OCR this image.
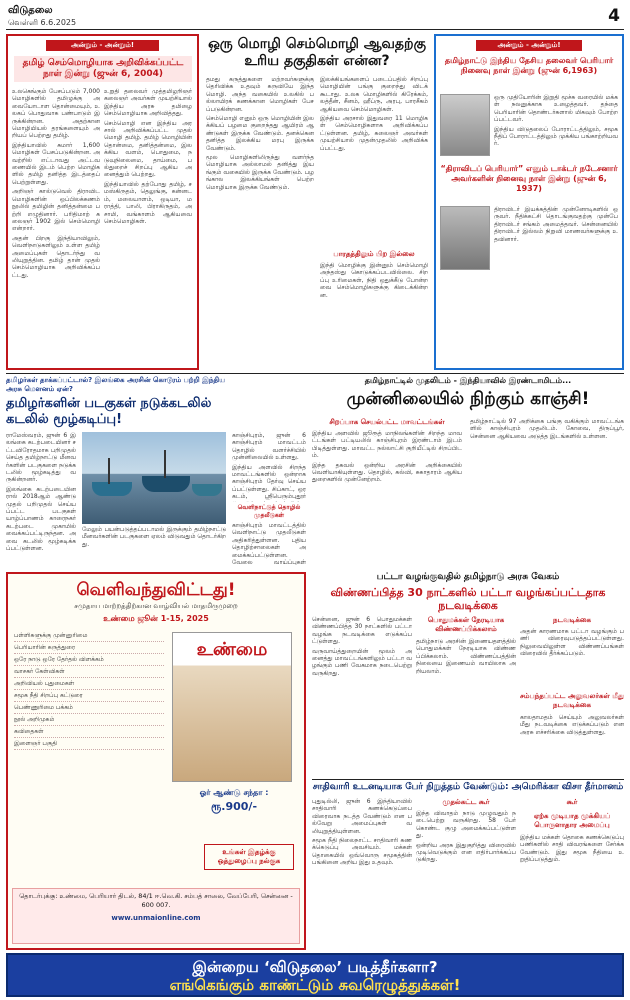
விடுதலை
வெள்ளி 6.6.2025	4
அன்றும் - அன்றும்!
தமிழ் செம்மொழியாக அறிவிக்கப்பட்ட நாள் இன்று (ஜுன் 6, 2004)

உலகெங்கும் பேசப்படும் 7,000 மொழிகளில் தமிழுக்கு அவையோடாள தொன்மையும், உலகப் பொதுவாக பண்பாடும் இருக்கின்றன. அதற்கான மொழியியல் தரங்களையும் அறியப் பெற்றது தமிழ்.

இந்தியாவில் சுமார் 1,600 மொழிகள் பேசப்படுகின்றன. அவற்றில் எட்டாவது அட்டவணையில் இடம் பெற்ற மொழிகளில் தமிழ் தனித்த இடத்தைப் பெற்றுள்ளது.

அறிஞர் கால்டுவெல் திராவிட மொழிகளின் ஒப்பிலக்கணம் நூலில் தமிழின் தனித்தன்மை பற்றி எழுதினார். பரிதிமாற் கலைஞர் 1902 இல் செம்மொழி என்றார்.

அதன் பிறகு இந்தியாவிலும், வெளிநாடுகளிலும் உள்ள தமிழ் அமைப்புகள் தொடர்ந்து வலியுறுத்தின. தமிழ் தான் முதல் செம்மொழியாக அறிவிக்கப்பட்டது.

உறுதி தலைவர் முத்தமிழறிஞர் கலைஞர் அவர்கள் முயற்சியால் இந்திய அரசு தமிழை செம்மொழியாக அறிவித்தது.

செம்மொழி என இந்திய அரசால் அறிவிக்கப்பட்ட முதல் மொழி தமிழ். தமிழ் மொழியின் தொன்மை, தனித்தன்மை, இலக்கிய வளம், பொதுமை, நடுவுநிலைமை, தாய்மை, பல்துறைச் சிறப்பு ஆகிய அனைத்தும் பெற்றது.

இந்தியாவில் தற்போது தமிழ், சமஸ்கிருதம், தெலுங்கு, கன்னடம், மலையாளம், ஒடியா, மராத்தி, பாலி, பிராகிருதம், அசாமி, வங்காளம் ஆகியவை செம்மொழிகள்.

ஒரு மொழி செம்மொழி ஆவதற்கு உரிய தகுதிகள் என்ன?

தமது கருத்துகளை மற்றவர்களுக்கு தெரிவிக்க உதவும் கருவியே இந்த மொழி. அந்த வகையில் உலகில் பல்லாயிரக் கணக்கான மொழிகள் பேசப்படுகின்றன.

செம்மொழி எனும் ஒரு மொழியின் இலக்கியப் பழமை குறைந்தது ஆயிரம் ஆண்டுகள் இருக்க வேண்டும். தனக்கென தனித்த இலக்கிய மரபு இருக்க வேண்டும்.

மூல மொழிகளிலிருந்து வளர்ந்த மொழியாக அல்லாமல் தனித்து இயங்கும் வகையில் இருக்க வேண்டும். பழங்கால இலக்கியங்கள் பெற்ற மொழியாக இருக்க வேண்டும்.

இலக்கியங்களைப் படைப்பதில் சிறப்பு மொழியின் பங்கு குறைந்து விடக் கூடாது. உலக மொழிகளில் கிரேக்கம், லத்தீன், சீனம், ஹீப்ரு, அரபு, பாரசீகம் ஆகியவை செம்மொழிகள்.

இந்திய அரசால் இதுவரை 11 மொழிகள் செம்மொழிகளாக அறிவிக்கப்பட்டுள்ளன. தமிழ், கலைஞர் அவர்கள் முயற்சியால் முதன்முதலில் அறிவிக்கப்பட்டது.

பாரதத்திலும் பிற இல்லை

இந்தி மொழிக்கு இன்னும் செம்மொழி அந்தஸ்து கொடுக்கப்படவில்லை. சிறப்பு உரிமைகள், நிதி ஒதுக்கீடு போன்றவை செம்மொழிகளுக்கு கிடைக்கின்றன.

அன்றும் - அன்றும்!
தமிழ்நாட்டு இந்திய தேசிய தலைவர் பெரியார் நினைவு நாள் இன்று (ஜுன் 6,1963)

ஒரு முதியோரின் இறுதி மூச்சு வரையில் மக்கள் நலனுக்காக உழைத்தவர். தந்தை பெரியாரின் தொண்டர்களால் மிகவும் போற்றப்பட்டவர்.

இந்திய விடுதலைப் போராட்டத்திலும், சமூக நீதிப் போராட்டத்திலும் முக்கிய பங்காற்றியவர்.

“திராவிடப் பெரியார்” எனும் டாக்டர் நடேசனார் அவர்களின் நினைவு நாள் இன்று (ஜுன் 6, 1937)

திராவிடர் இயக்கத்தின் முன்னோடிகளில் ஒருவர். நீதிக்கட்சி தொடங்குவதற்கு முன்பே திராவிடர் சங்கம் அமைத்தவர். சென்னையில் திராவிடர் இல்லம் நிறுவி மாணவர்களுக்கு உதவினார்.

தமிழர்கள் தாக்கப்பட்டால்? இலங்கை அரசின் கொடூரம் பற்றி இந்திய அரசு மௌனம் ஏன்?
தமிழர்களின் படகுகள் நடுக்கடலில் கடலில் மூழ்கடிப்பு!

ராமேஸ்வரம், ஜுன் 6 இலங்கை கடற்படையினர் சட்டவிரோதமாக பறிமுதல் செய்த தமிழ்நாட்டு மீனவர்களின் படகுகளை நடுக்கடலில் மூழ்கடித்து வருகின்றனர்.

இலங்கை கடற்படையினரால் 2018ஆம் ஆண்டு முதல் பறிமுதல் செய்யப்பட்ட படகுகள் யாழ்ப்பாணம் காரைநகர் கடற்படை முகாமில் வைக்கப்பட்டிருந்தன. அவை கடலில் மூழ்கடிக்கப்பட்டுள்ளன.

மேலும் பயன்படுத்தப்படாமல் இருக்கும் தமிழ்நாட்டு மீனவர்களின் படகுகளை ஏலம் விடுவதும் தொடர்கிறது.

காஞ்சிபுரம், ஜுன் 6 காஞ்சிபுரம் மாவட்டம் தொழில் வளர்ச்சியில் முன்னிலையில் உள்ளது.

இந்திய அளவில் சிறந்த மாவட்டங்களில் ஒன்றாக காஞ்சிபுரம் தேர்வு செய்யப்பட்டுள்ளது. சிப்காட், ஒரகடம், ஸ்ரீபெரும்புதூர்

வெளிநாட்டுத் தொழில் முதலீடுகள்

காஞ்சிபுரம் மாவட்டத்தில் வெளிநாட்டு முதலீடுகள் அதிகரித்துள்ளன. புதிய தொழிற்சாலைகள் அமைக்கப்பட்டுள்ளன. வேலை வாய்ப்புகள்

தமிழ்நாட்டில் முதலிடம் - இந்தியாவில் இரண்டாமிடம்...
முன்னிலையில் நிற்கும் காஞ்சி!
சிறப்பாக செயல்பட்ட மாவட்டங்கள்

இந்திய அளவில் ஜூரூத் மாநிலங்களின் சிறந்த மாவட்டங்கள் பட்டியலில் காஞ்சிபுரம் இரண்டாம் இடம் பிடித்துள்ளது. மாவட்ட நல்லாட்சி குறியீட்டில் சிறப்பிடம்.

இந்த தகவல் ஒன்றிய அரசின் அறிக்கையில் வெளியாகியுள்ளது. தொழில், கல்வி, சுகாதாரம் ஆகிய துறைகளில் முன்னேற்றம்.

தமிழ்நாட்டில் 97 அறிக்கை பங்கு வகிக்கும் மாவட்டங்களில் காஞ்சிபுரம் முதலிடம். கோவை, திருப்பூர், சென்னை ஆகியவை அடுத்த இடங்களில் உள்ளன.

வெளிவந்துவிட்டது!
சமுதாய மாற்றத்திற்கான வாழ்வியல் மாதமிருமுறை
உண்மை ஜூன் 1-15, 2025
பள்ளிகளுக்கு முன்னுரிமை
பெரியாரின் கருத்துரை
ஒரே நாடு ஒரே தேர்தல் விளக்கம்
வாசகர் கேள்விகள்
அறிவியல் புதுமைகள்
சமூக நீதி சிறப்பு கட்டுரை
பெண்ணுரிமை பக்கம்
நூல் அறிமுகம்
கவிதைகள்
இளைஞர் பகுதி
உண்மை
ஓர் ஆண்டு சந்தா :
ரூ.900/-
உங்கள் இதழ்க்கு ஒத்துழைப்பு நல்குக
தொடர்புக்கு: உண்மை, பெரியார் திடல், 84/1 ஈ.வெ.கி. சம்பத் சாலை, வேப்பேரி, சென்னை - 600 007.
www.unmaionline.com
பட்டா வழங்குவதில் தமிழ்நாடு அரசு வேகம்
விண்ணப்பித்த 30 நாட்களில் பட்டா வழங்கப்பட்டதாக நடவடிக்கை

சென்னை, ஜுன் 6 பொதுமக்கள் விண்ணப்பித்த 30 நாட்களில் பட்டா வழங்க நடவடிக்கை எடுக்கப்பட்டுள்ளது.

வருவாய்த்துறையின் மூலம் அனைத்து மாவட்டங்களிலும் பட்டா வழங்கும் பணி வேகமாக நடைபெற்று வருகிறது.

பொதுமக்கள் நேரடியாக விண்ணப்பிக்கலாம்

தமிழ்நாடு அரசின் இணையதளத்தில் பொதுமக்கள் நேரடியாக விண்ணப்பிக்கலாம். விண்ணப்பத்தின் நிலையை இணையம் வாயிலாக அறியலாம்.

நடவடிக்கை

அதன் காரணமாக பட்டா வழங்கும் பணி விரைவுபடுத்தப்பட்டுள்ளது. நிலுவையிலுள்ள விண்ணப்பங்கள் விரைவில் தீர்க்கப்படும்.

சம்பந்தப்பட்ட அலுவலர்கள் மீது நடவடிக்கை

காலதாமதம் செய்யும் அலுவலர்கள் மீது நடவடிக்கை எடுக்கப்படும் என அரசு எச்சரிக்கை விடுத்துள்ளது.

சாதிவாரி உடனடியாக பேர் நிறுத்தம் வேண்டும்: அமெரிக்கா விசா தீர்மானம்

புதுடில்லி, ஜுன் 6 இந்தியாவில் சாதிவாரி கணக்கெடுப்பை விரைவாக நடத்த வேண்டும் என பல்வேறு அமைப்புகள் வலியுறுத்தியுள்ளன.

சமூக நீதி நிலைநாட்ட சாதிவாரி கணக்கெடுப்பு அவசியம். மக்கள் தொகையில் ஒவ்வொரு சமூகத்தின் பங்கினை அறிய இது உதவும்.

முதல்கட்ட கூர்

இந்த விவாதம் நாடு முழுவதும் நடைபெற்று வருகிறது. 58 பேர் கொண்ட குழு அமைக்கப்பட்டுள்ளது.

ஒன்றிய அரசு இதுகுறித்து விரைவில் முடிவெடுக்கும் என எதிர்பார்க்கப்படுகிறது.

கூர்
ஏற்க முடியாத முக்கியப் பொருளாதார அமைப்பு

இந்திய மக்கள் தொகை கணக்கெடுப்பு பணிகளில் சாதி விவரங்களை சேர்க்க வேண்டும். இது சமூக நீதியை உறுதிப்படுத்தும்.

இன்றைய ‘விடுதலை’ படித்தீர்களா?
எங்கெங்கும் காண்ட்டும் சுவரெழுத்துக்கள்!
